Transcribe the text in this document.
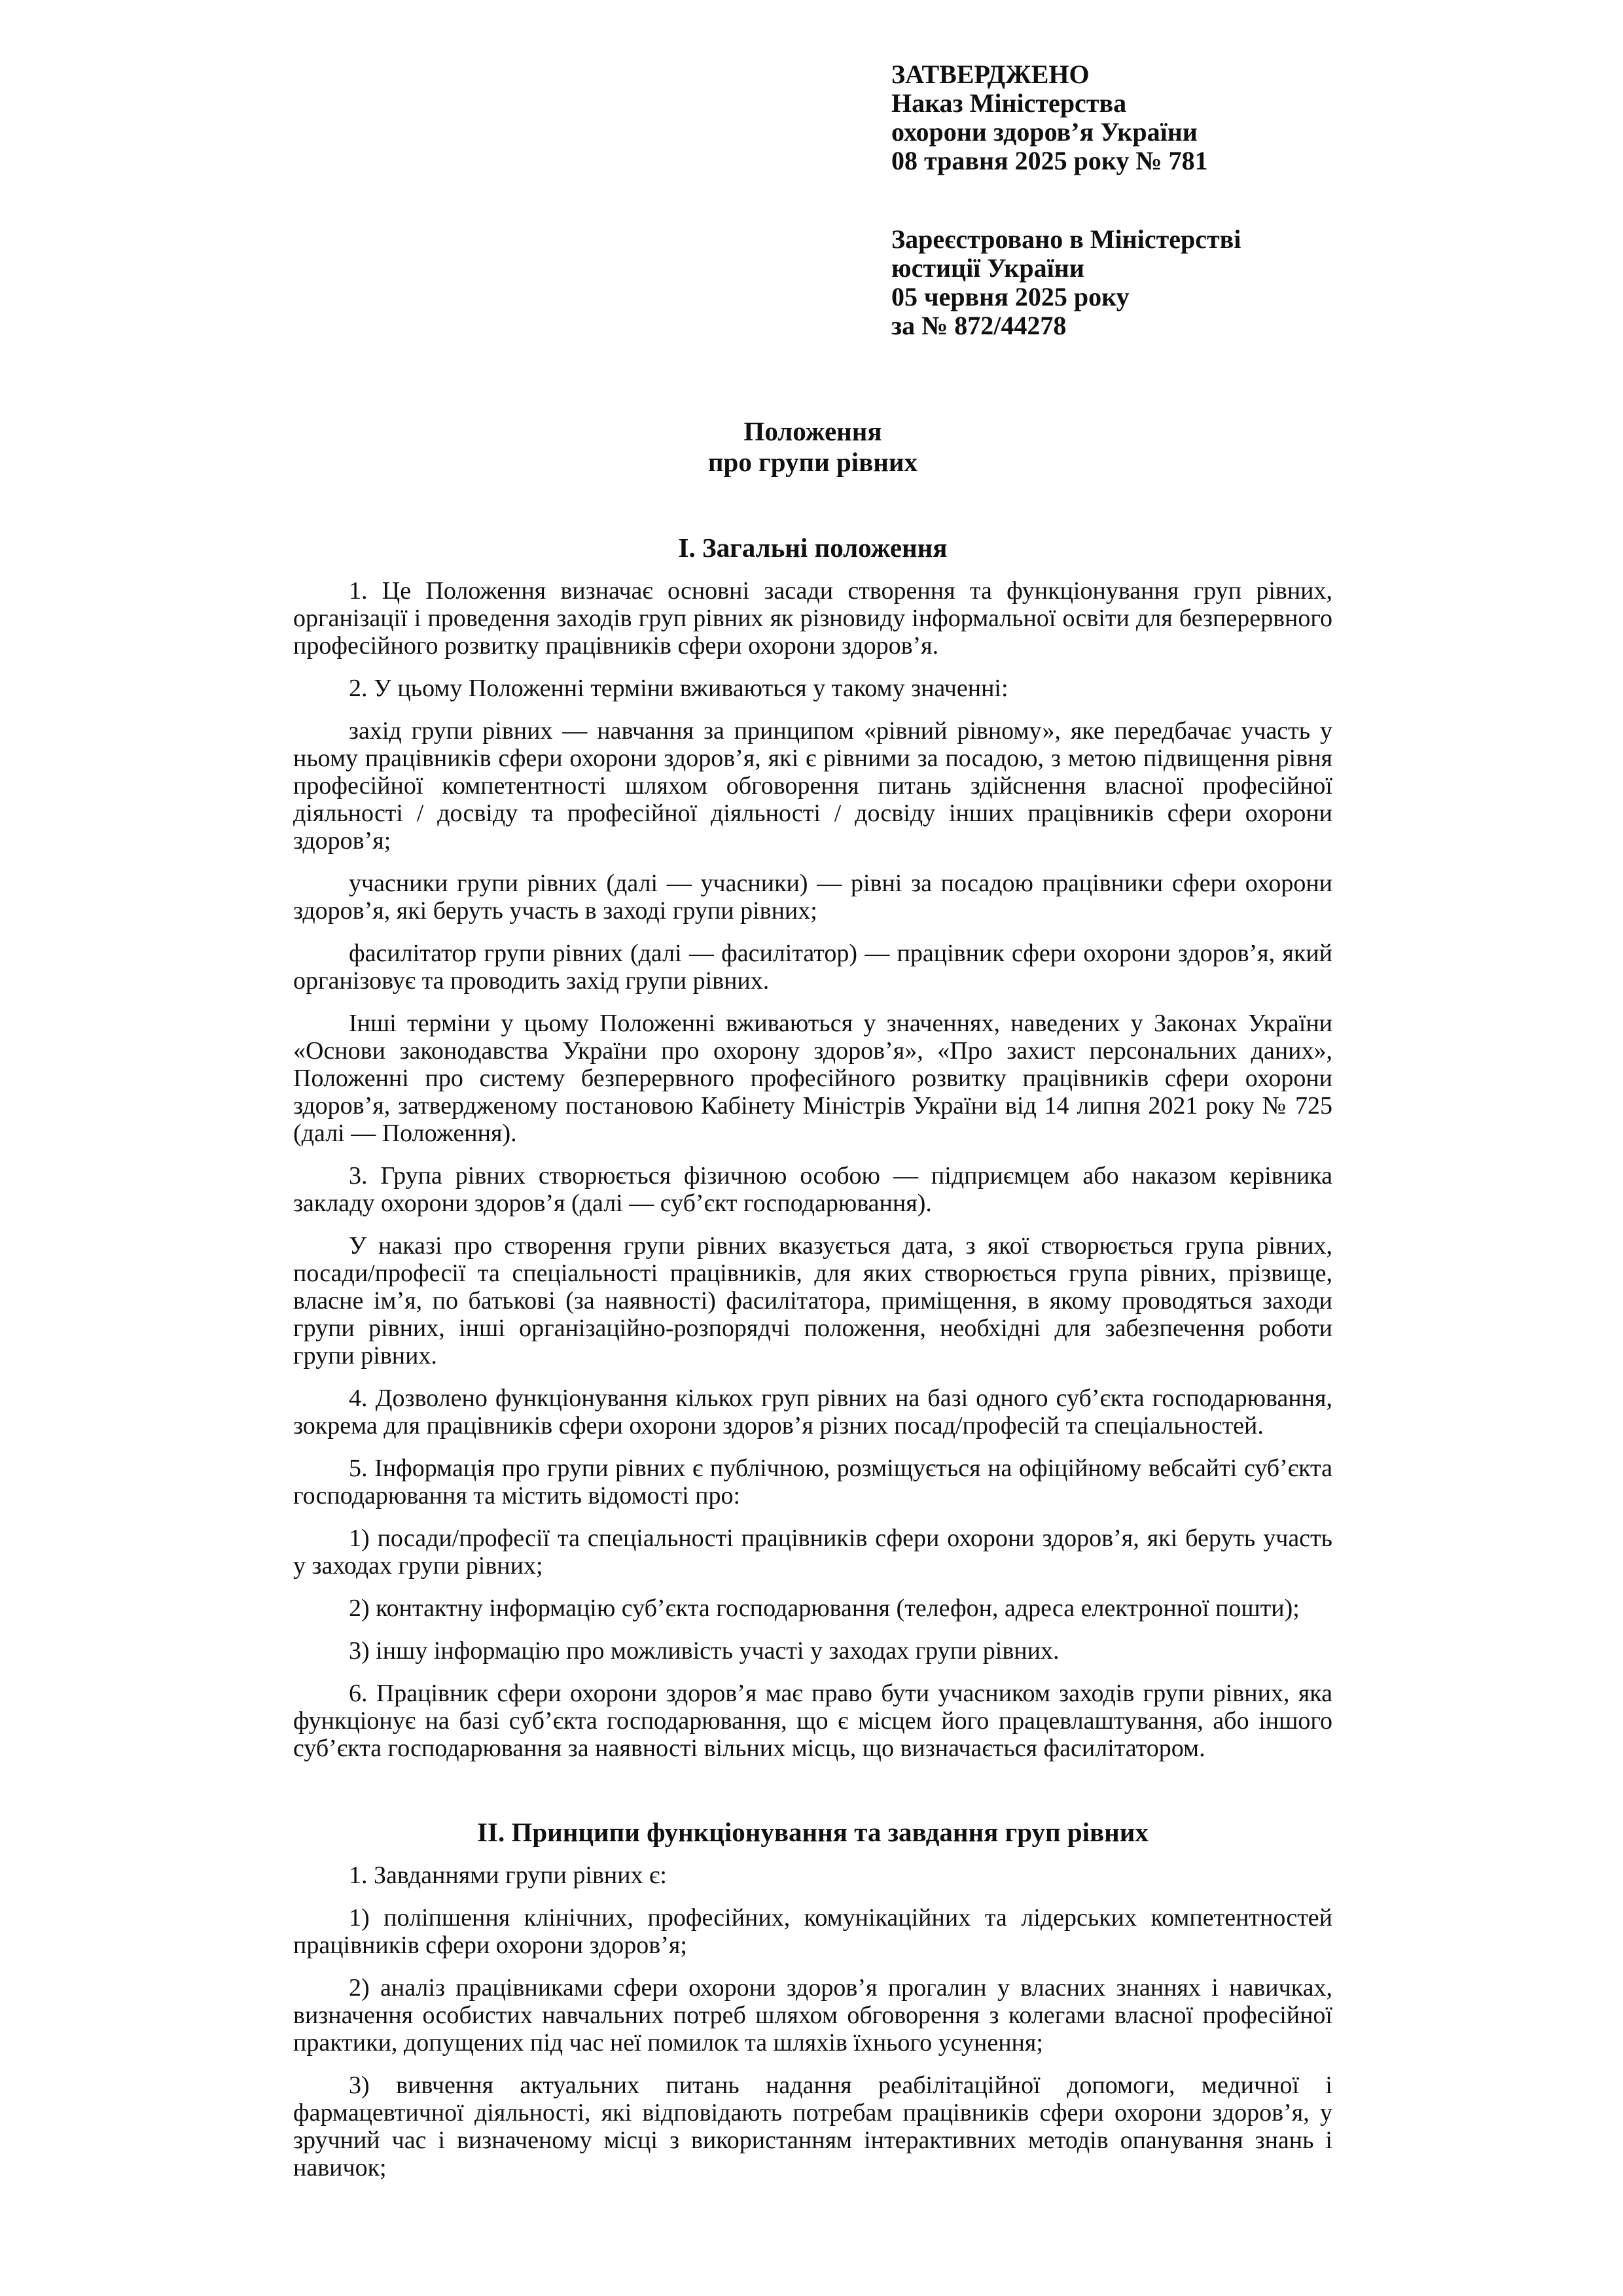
ЗАТВЕРДЖЕНО

Наказ Міністерства

охорони здоров’я України

08 травня 2025 року № 781

Зареєстровано в Міністерстві

юстиції України

05 червня 2025 року

за № 872/44278

Положення

про групи рівних

І. Загальні положення

1. Це Положення визначає основні засади створення та функціонування груп рівних, організації і проведення заходів груп рівних як різновиду інформальної освіти для безперервного професійного розвитку працівників сфери охорони здоров’я.

2. У цьому Положенні терміни вживаються у такому значенні:

захід групи рівних — навчання за принципом «рівний рівному», яке передбачає участь у ньому працівників сфери охорони здоров’я, які є рівними за посадою, з метою підвищення рівня професійної компетентності шляхом обговорення питань здійснення власної професійної діяльності / досвіду та професійної діяльності / досвіду інших працівників сфери охорони здоров’я;

учасники групи рівних (далі — учасники) — рівні за посадою працівники сфери охорони здоров’я, які беруть участь в заході групи рівних;

фасилітатор групи рівних (далі — фасилітатор) — працівник сфери охорони здоров’я, який організовує та проводить захід групи рівних.

Інші терміни у цьому Положенні вживаються у значеннях, наведених у Законах України «Основи законодавства України про охорону здоров’я», «Про захист персональних даних», Положенні про систему безперервного професійного розвитку працівників сфери охорони здоров’я, затвердженому постановою Кабінету Міністрів України від 14 липня 2021 року № 725 (далі — Положення).

3. Група рівних створюється фізичною особою — підприємцем або наказом керівника закладу охорони здоров’я (далі — суб’єкт господарювання).

У наказі про створення групи рівних вказується дата, з якої створюється група рівних, посади/професії та спеціальності працівників, для яких створюється група рівних, прізвище, власне ім’я, по батькові (за наявності) фасилітатора, приміщення, в якому проводяться заходи групи рівних, інші організаційно-розпорядчі положення, необхідні для забезпечення роботи групи рівних.

4. Дозволено функціонування кількох груп рівних на базі одного суб’єкта господарювання, зокрема для працівників сфери охорони здоров’я різних посад/професій та спеціальностей.

5. Інформація про групи рівних є публічною, розміщується на офіційному вебсайті суб’єкта господарювання та містить відомості про:

1) посади/професії та спеціальності працівників сфери охорони здоров’я, які беруть участь у заходах групи рівних;

2) контактну інформацію суб’єкта господарювання (телефон, адреса електронної пошти);

3) іншу інформацію про можливість участі у заходах групи рівних.

6. Працівник сфери охорони здоров’я має право бути учасником заходів групи рівних, яка функціонує на базі суб’єкта господарювання, що є місцем його працевлаштування, або іншого суб’єкта господарювання за наявності вільних місць, що визначається фасилітатором.

ІІ. Принципи функціонування та завдання груп рівних

1. Завданнями групи рівних є:

1) поліпшення клінічних, професійних, комунікаційних та лідерських компетентностей працівників сфери охорони здоров’я;

2) аналіз працівниками сфери охорони здоров’я прогалин у власних знаннях і навичках, визначення особистих навчальних потреб шляхом обговорення з колегами власної професійної практики, допущених під час неї помилок та шляхів їхнього усунення;

3) вивчення актуальних питань надання реабілітаційної допомоги, медичної і фармацевтичної діяльності, які відповідають потребам працівників сфери охорони здоров’я, у зручний час і визначеному місці з використанням інтерактивних методів опанування знань і навичок;
